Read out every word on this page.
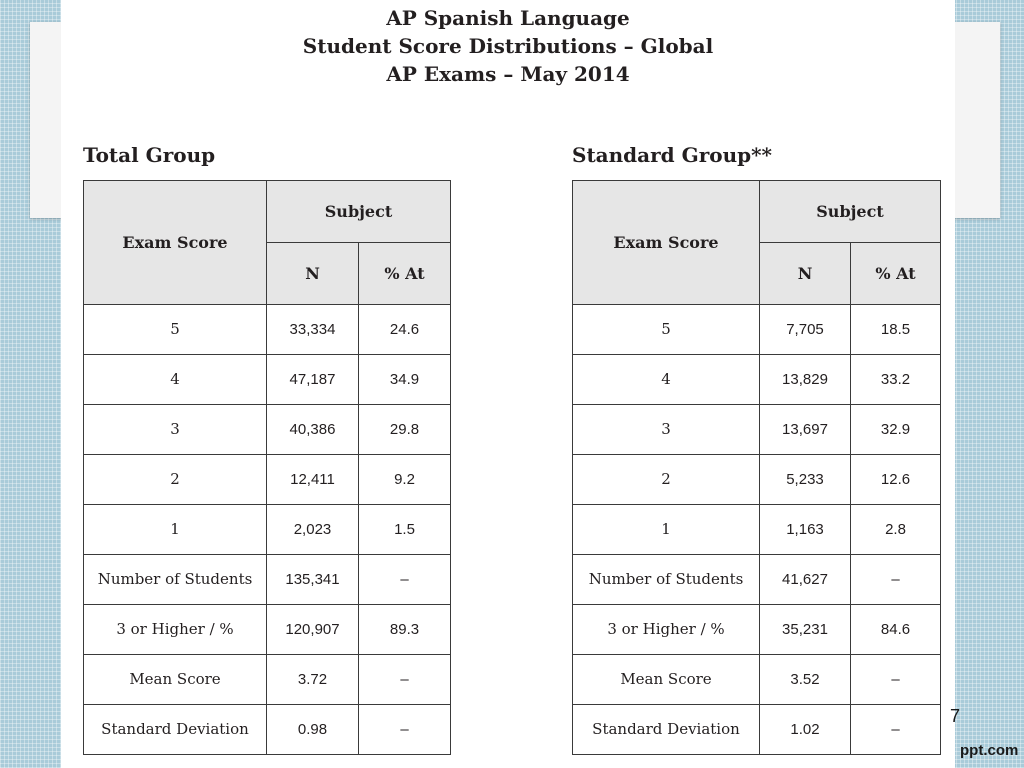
AP Spanish Language
Student Score Distributions – Global
AP Exams – May 2014
Total Group	Standard Group**
Exam Score	Subject	
	N	% At
5	33,334	24.6
4	47,187	34.9
3	40,386	29.8
2	12,411	9.2
1	2,023	1.5
Number of Students	135,341	–
3 or Higher / %	120,907	89.3
Mean Score	3.72	–
Standard Deviation	0.98	–
Exam Score	Subject	
	N	% At
5	7,705	18.5
4	13,829	33.2
3	13,697	32.9
2	5,233	12.6
1	1,163	2.8
Number of Students	41,627	–
3 or Higher / %	35,231	84.6
Mean Score	3.52	–
Standard Deviation	1.02	–
7
ppt.com
